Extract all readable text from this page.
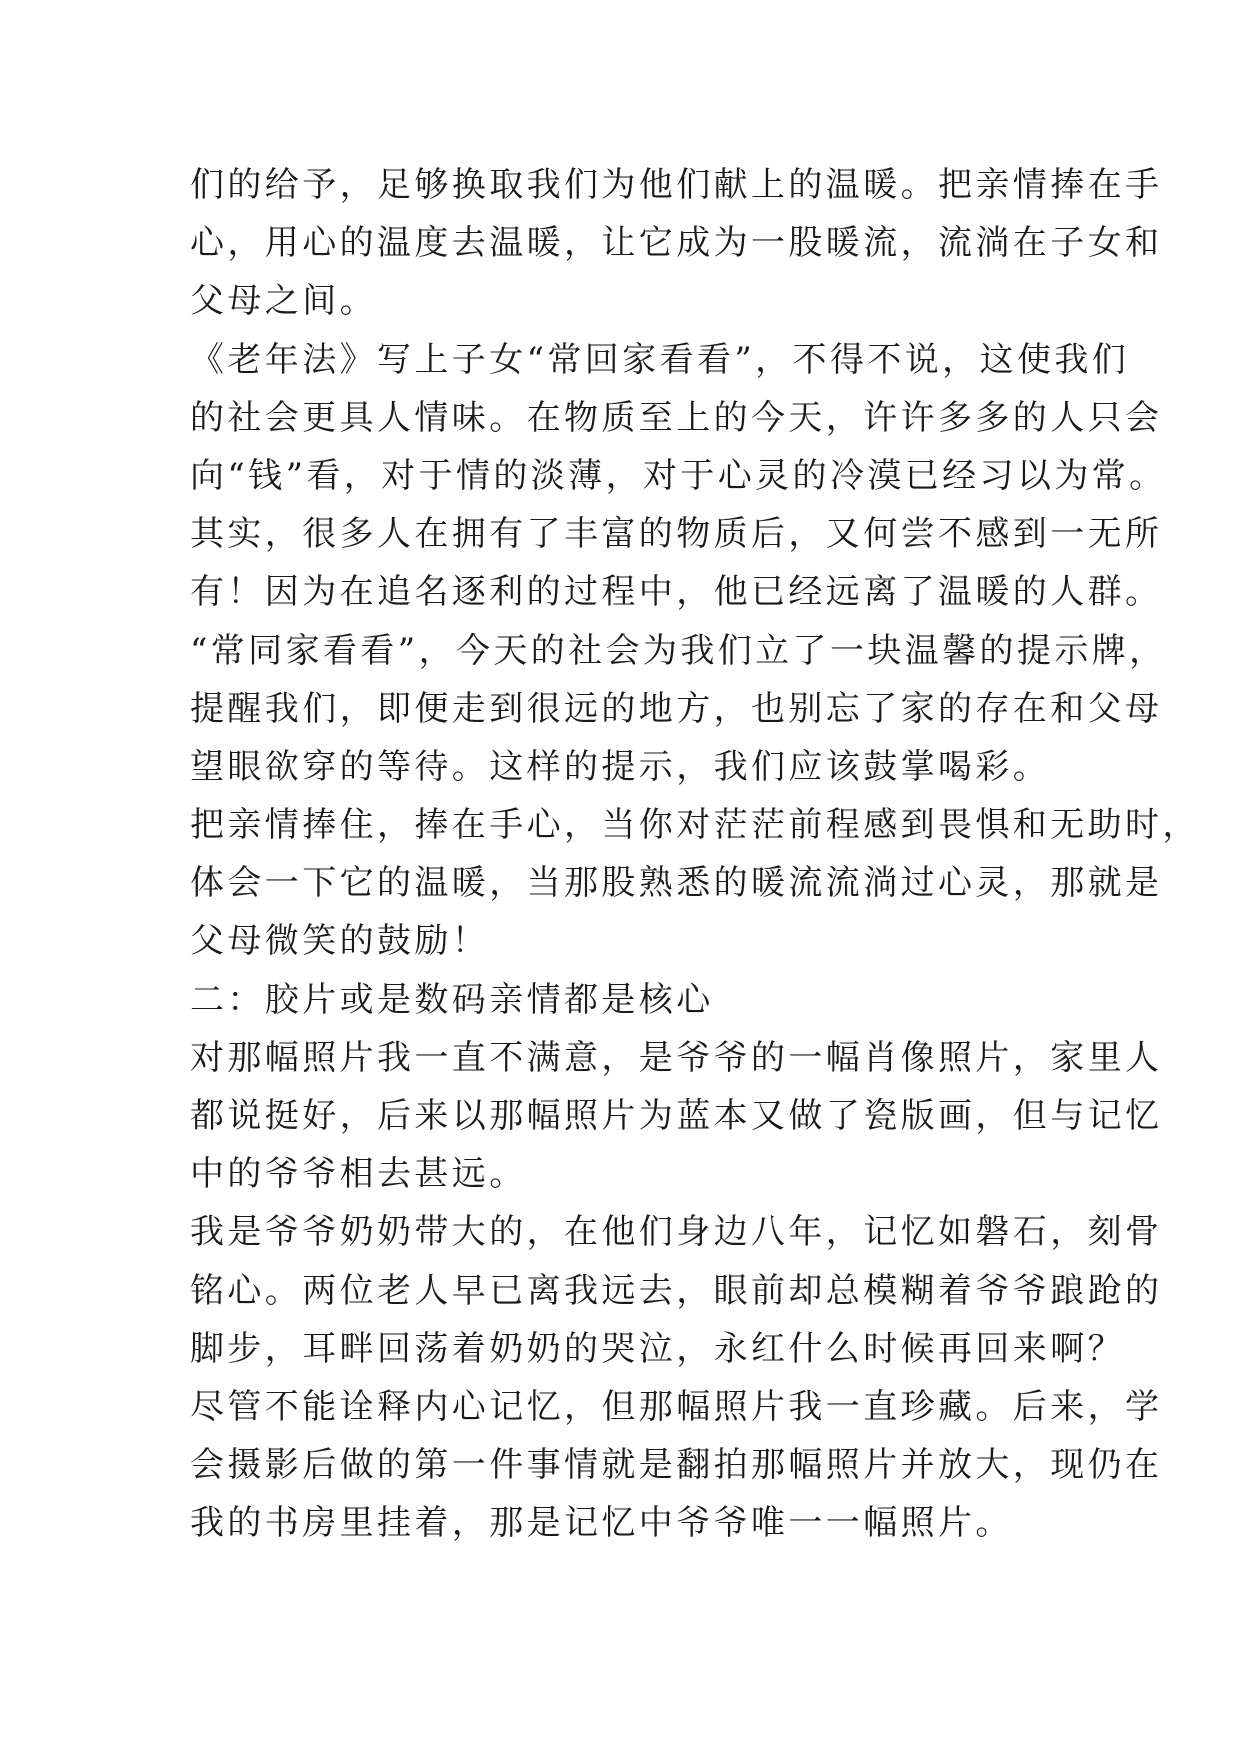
们的给予，足够换取我们为他们献上的温暖。把亲情捧在手
心，用心的温度去温暖，让它成为一股暖流，流淌在子女和
父母之间。
《老年法》写上子女“常回家看看”，不得不说，这使我们
的社会更具人情味。在物质至上的今天，许许多多的人只会
向“钱”看，对于情的淡薄，对于心灵的冷漠已经习以为常。
其实，很多人在拥有了丰富的物质后，又何尝不感到一无所
有！因为在追名逐利的过程中，他已经远离了温暖的人群。
“常同家看看”，今天的社会为我们立了一块温馨的提示牌，
提醒我们，即便走到很远的地方，也别忘了家的存在和父母
望眼欲穿的等待。这样的提示，我们应该鼓掌喝彩。
把亲情捧住，捧在手心，当你对茫茫前程感到畏惧和无助时，
体会一下它的温暖，当那股熟悉的暖流流淌过心灵，那就是
父母微笑的鼓励！
二：胶片或是数码亲情都是核心
对那幅照片我一直不满意，是爷爷的一幅肖像照片，家里人
都说挺好，后来以那幅照片为蓝本又做了瓷版画，但与记忆
中的爷爷相去甚远。
我是爷爷奶奶带大的，在他们身边八年，记忆如磐石，刻骨
铭心。两位老人早已离我远去，眼前却总模糊着爷爷踉跄的
脚步，耳畔回荡着奶奶的哭泣，永红什么时候再回来啊？
尽管不能诠释内心记忆，但那幅照片我一直珍藏。后来，学
会摄影后做的第一件事情就是翻拍那幅照片并放大，现仍在
我的书房里挂着，那是记忆中爷爷唯一一幅照片。
